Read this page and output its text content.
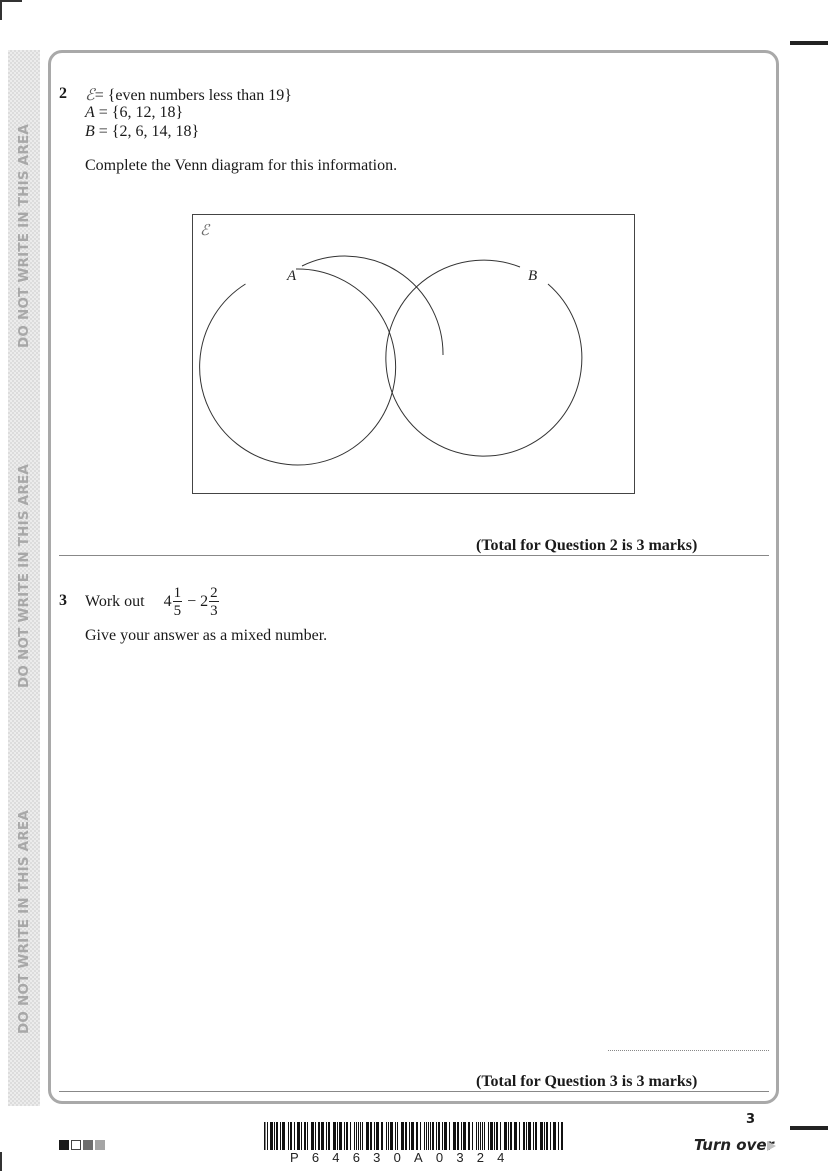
DO NOT WRITE IN THIS AREA
DO NOT WRITE IN THIS AREA
DO NOT WRITE IN THIS AREA
2 ℰ= {even numbers less than 19}
A = {6, 12, 18}
B = {2, 6, 14, 18}
Complete the Venn diagram for this information.
ℰ
A	B
(Total for Question 2 is 3 marks)
3 Work out $4 \frac{1}{5} - 2 \frac{2}{3}$
Give your answer as a mixed number.
(Total for Question 3 is 3 marks)
P64630A0324
3
Turn over
